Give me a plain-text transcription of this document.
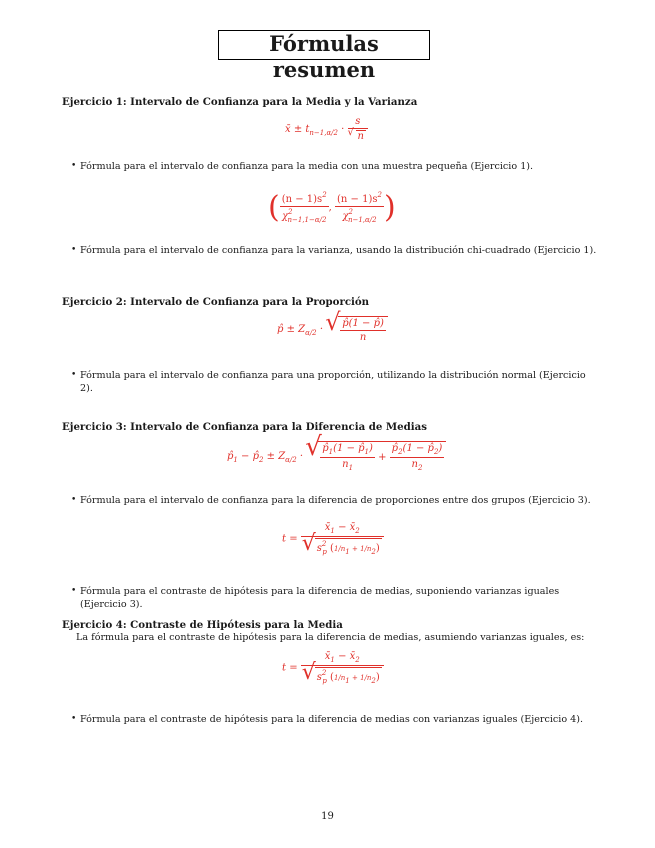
Fórmulas resumen
Ejercicio 1: Intervalo de Confianza para la Media y la Varianza
x̄ ± $t_{n-1,\alpha/2} \cdot \frac{s}{√ n}$
• Fórmula para el intervalo de confianza para la media con una muestra pequeña (Ejercicio 1).
( $\frac{(n - 1)s^2}{\chi^2_{n-1,1-\alpha/2}}$ , $\frac{(n - 1)s^2}{\chi^2_{n-1,\alpha/2}}$ )
• Fórmula para el intervalo de confianza para la varianza, usando la distribución chi-cuadrado (Ejercicio 1).
Ejercicio 2: Intervalo de Confianza para la Proporción
p̂ ± $Z_{\alpha/2}$ · √ $\frac{p̂(1 - p̂)}{n}$
• Fórmula para el intervalo de confianza para una proporción, utilizando la distribución normal (Ejercicio 2).
Ejercicio 3: Intervalo de Confianza para la Diferencia de Medias
$p̂_1$ − $p̂_2 \pm Z_{\alpha/2}$ · √
$\frac{p̂_1(1 - p̂_1)}{n_1} + \frac{p̂_2(1 - p̂_2)}{n_2}$
• Fórmula para el intervalo de confianza para la diferencia de proporciones entre dos grupos (Ejercicio 3).
$t = \frac{x̄_1 - x̄_2}{√ s^2_p (1/n1 + 1/n2)}$
• Fórmula para el contraste de hipótesis para la diferencia de medias, suponiendo varianzas iguales (Ejercicio 3).
Ejercicio 4: Contraste de Hipótesis para la Media
La fórmula para el contraste de hipótesis para la diferencia de medias, asumiendo varianzas iguales, es:
$t = \frac{x̄_1 - x̄_2}{√ s^2_p (1/n1 + 1/n2)}$
• Fórmula para el contraste de hipótesis para la diferencia de medias con varianzas iguales (Ejercicio 4).
19
